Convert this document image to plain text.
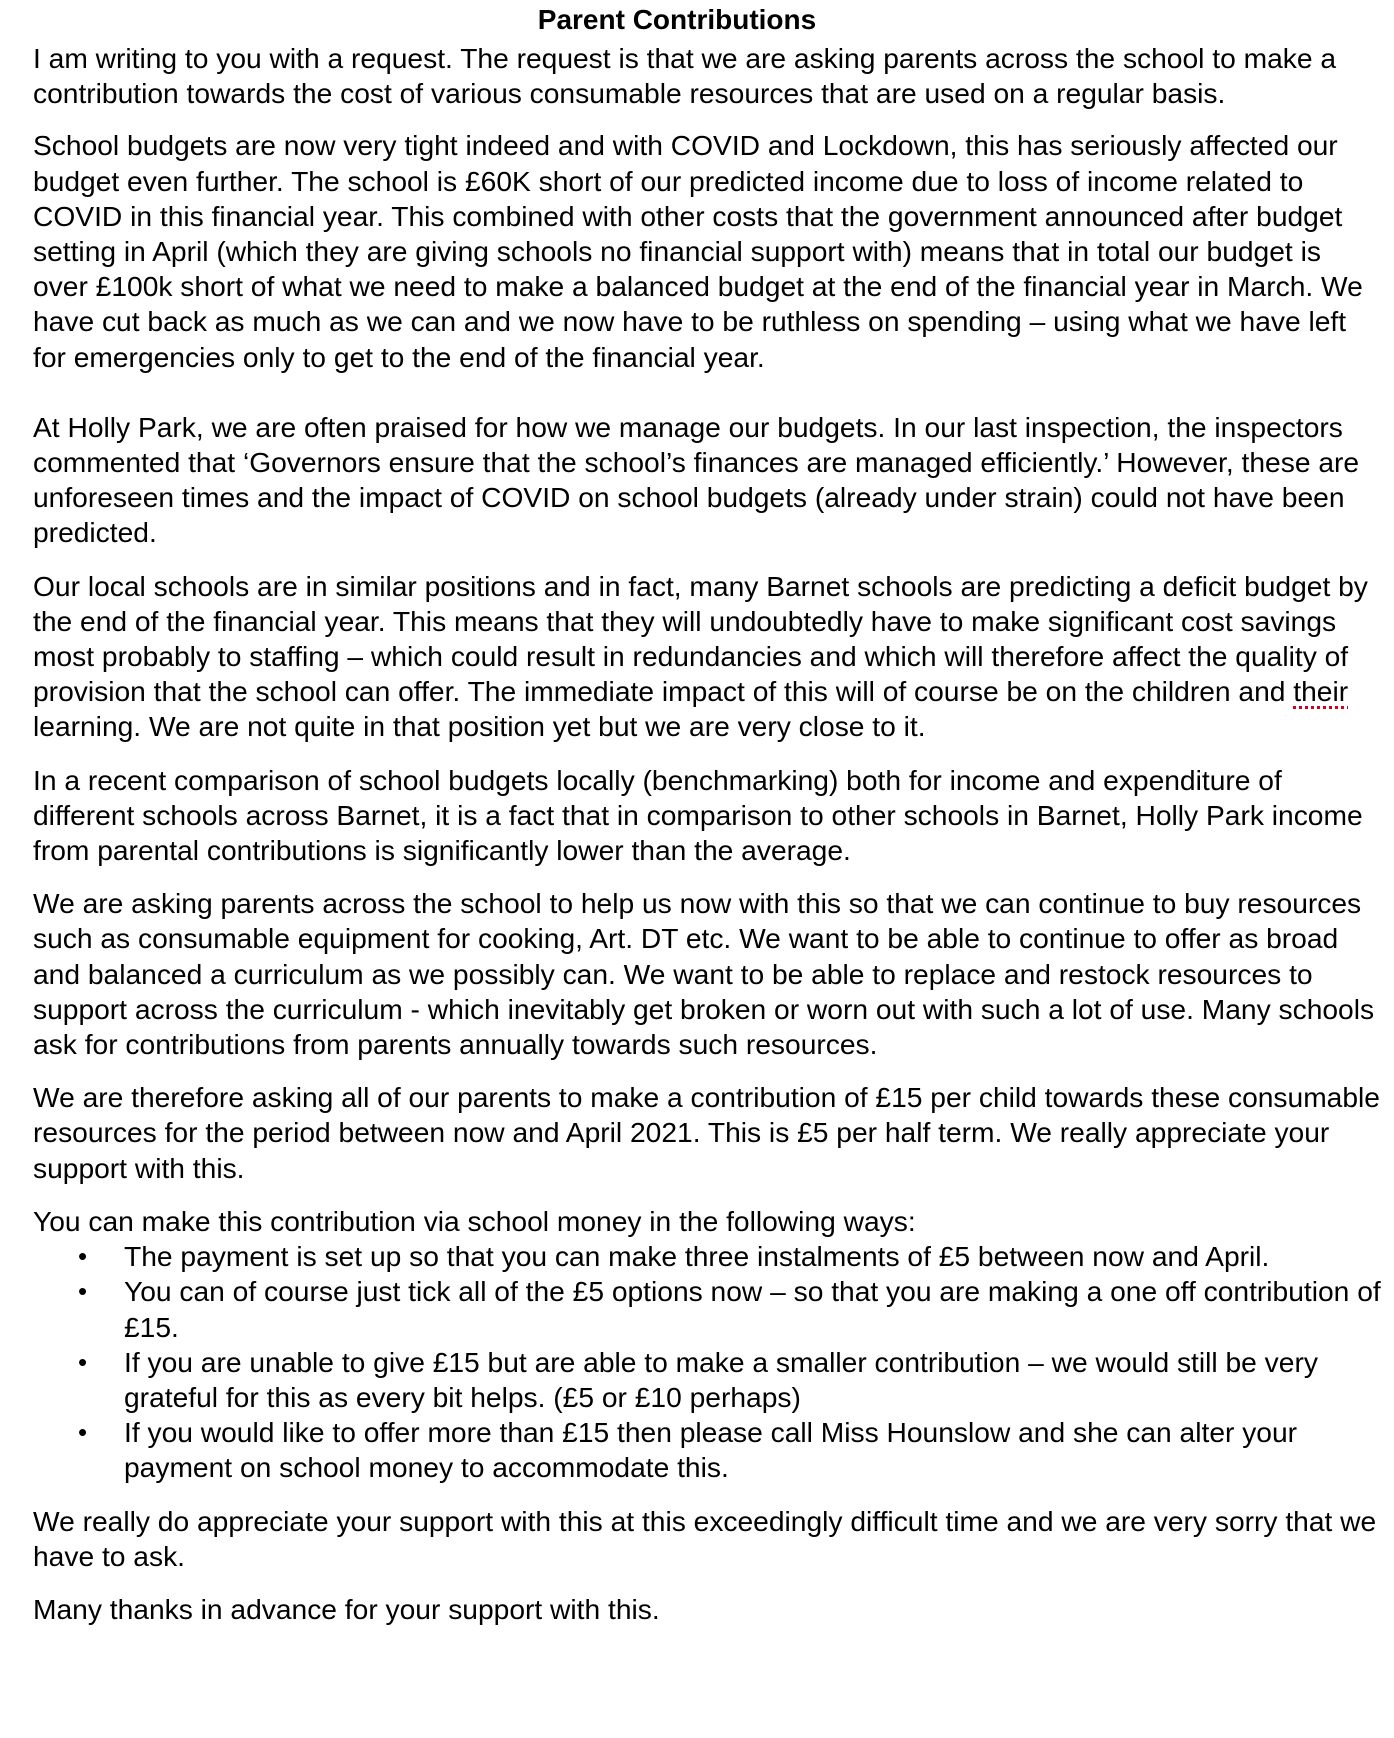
Parent Contributions

I am writing to you with a request. The request is that we are asking parents across the school to make a contribution towards the cost of various consumable resources that are used on a regular basis.

School budgets are now very tight indeed and with COVID and Lockdown, this has seriously affected our budget even further. The school is £60K short of our predicted income due to loss of income related to COVID in this financial year. This combined with other costs that the government announced after budget setting in April (which they are giving schools no financial support with) means that in total our budget is over £100k short of what we need to make a balanced budget at the end of the financial year in March. We have cut back as much as we can and we now have to be ruthless on spending – using what we have left for emergencies only to get to the end of the financial year.

At Holly Park, we are often praised for how we manage our budgets. In our last inspection, the inspectors commented that ‘Governors ensure that the school’s finances are managed efficiently.’ However, these are unforeseen times and the impact of COVID on school budgets (already under strain) could not have been predicted.

Our local schools are in similar positions and in fact, many Barnet schools are predicting a deficit budget by the end of the financial year. This means that they will undoubtedly have to make significant cost savings most probably to staffing – which could result in redundancies and which will therefore affect the quality of provision that the school can offer. The immediate impact of this will of course be on the children and their learning. We are not quite in that position yet but we are very close to it.

In a recent comparison of school budgets locally (benchmarking) both for income and expenditure of different schools across Barnet, it is a fact that in comparison to other schools in Barnet, Holly Park income from parental contributions is significantly lower than the average.

We are asking parents across the school to help us now with this so that we can continue to buy resources such as consumable equipment for cooking, Art. DT etc. We want to be able to continue to offer as broad and balanced a curriculum as we possibly can. We want to be able to replace and restock resources to support across the curriculum - which inevitably get broken or worn out with such a lot of use. Many schools ask for contributions from parents annually towards such resources.

We are therefore asking all of our parents to make a contribution of £15 per child towards these consumable resources for the period between now and April 2021. This is £5 per half term. We really appreciate your support with this.

You can make this contribution via school money in the following ways:

• The payment is set up so that you can make three instalments of £5 between now and April.
• You can of course just tick all of the £5 options now – so that you are making a one off contribution of £15.
• If you are unable to give £15 but are able to make a smaller contribution – we would still be very grateful for this as every bit helps. (£5 or £10 perhaps)
• If you would like to offer more than £15 then please call Miss Hounslow and she can alter your payment on school money to accommodate this.

We really do appreciate your support with this at this exceedingly difficult time and we are very sorry that we have to ask.

Many thanks in advance for your support with this.
